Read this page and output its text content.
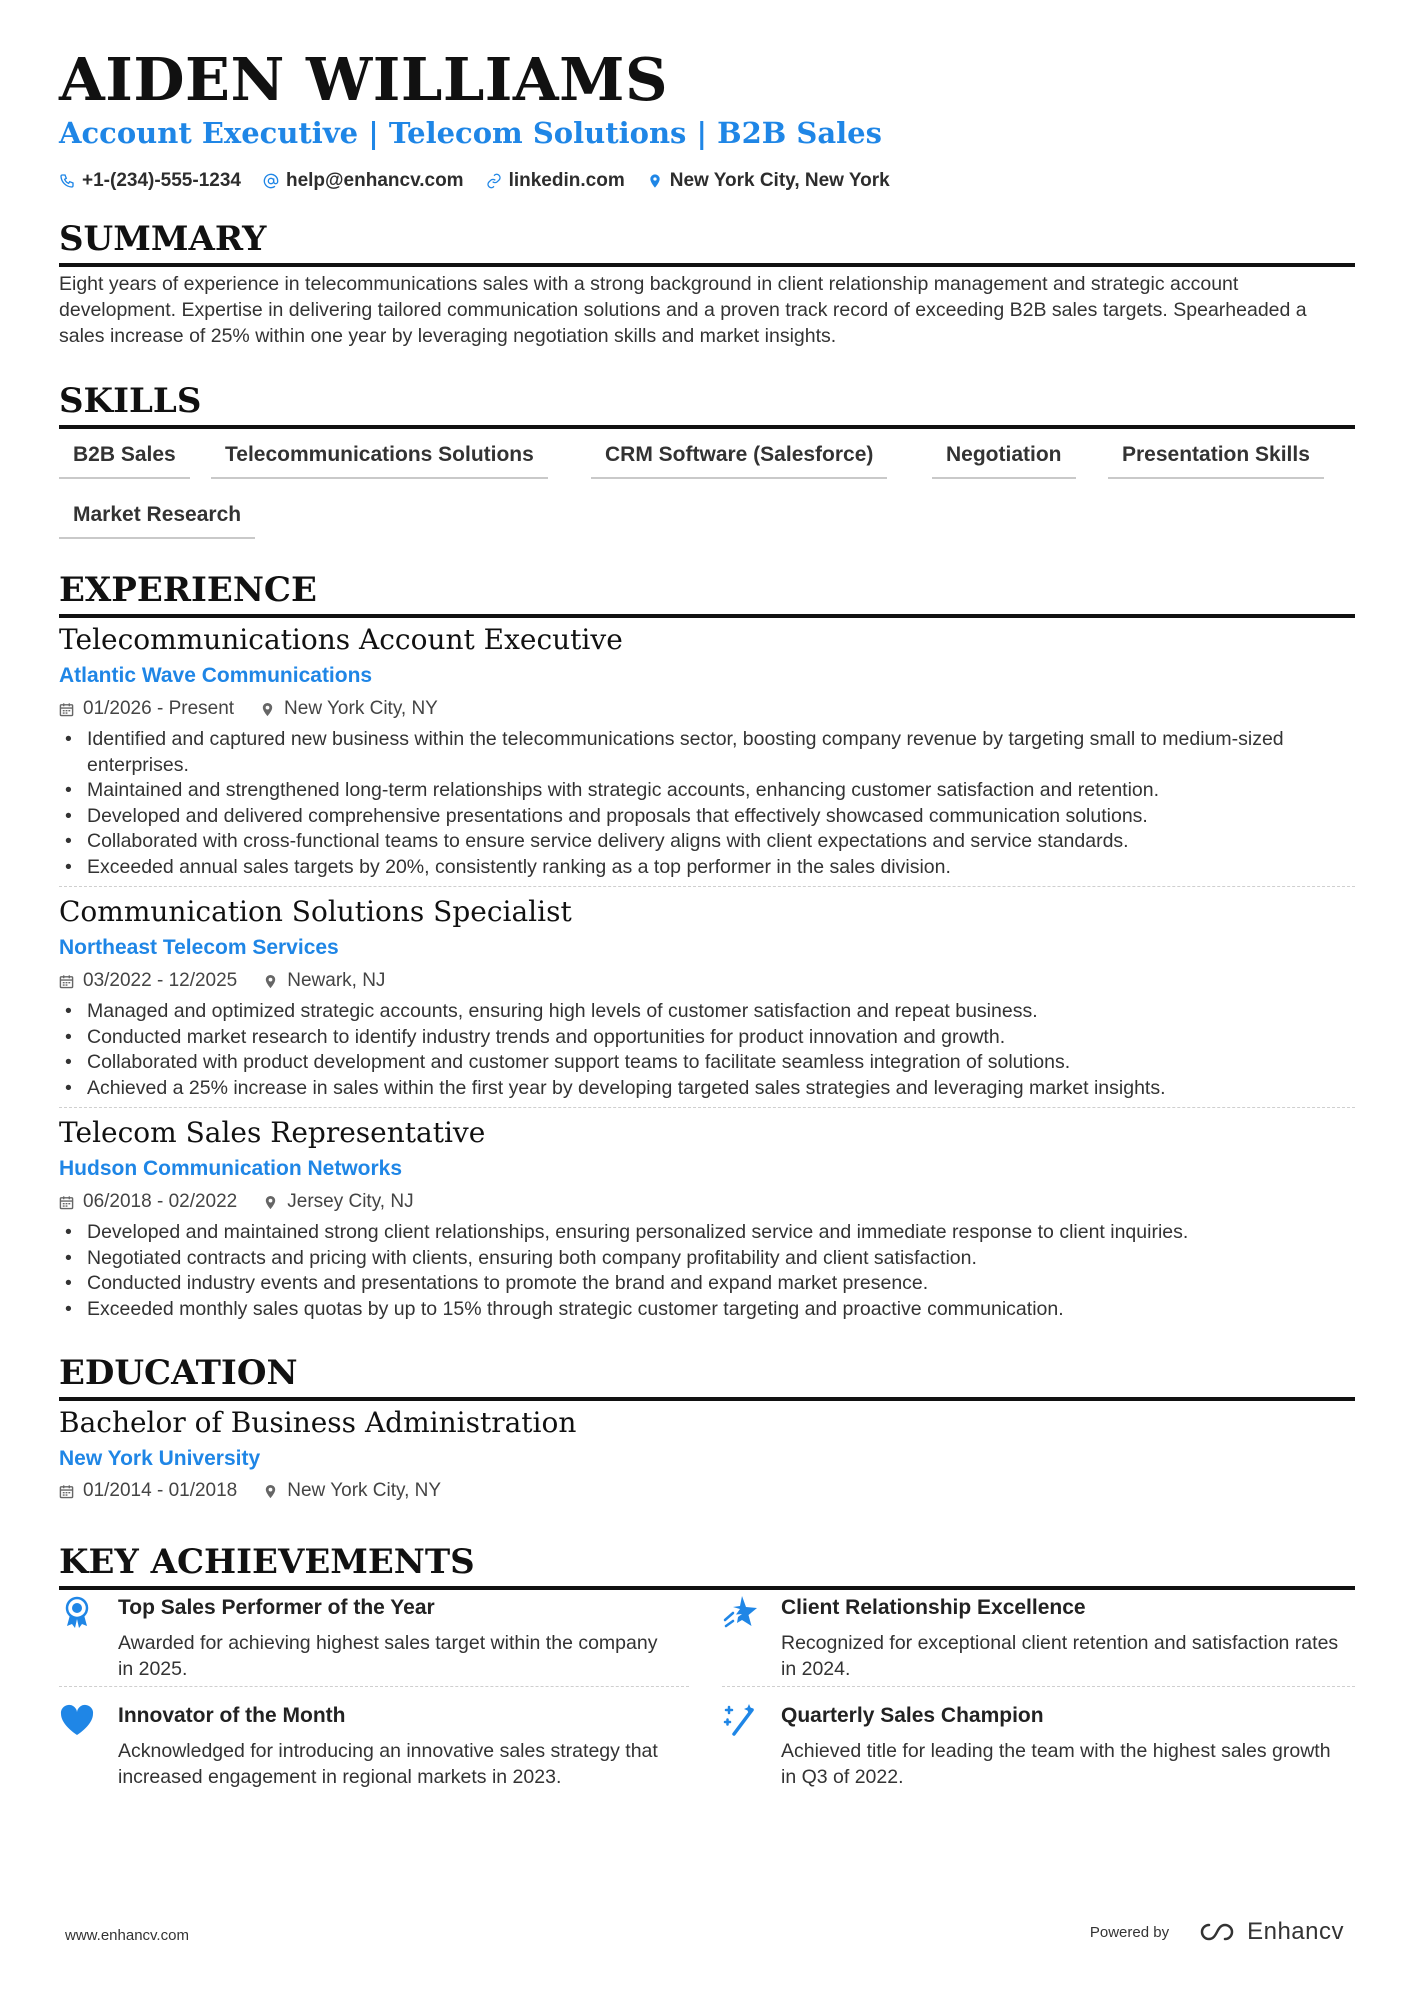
AIDEN WILLIAMS
Account Executive | Telecom Solutions | B2B Sales
+1-(234)-555-1234 help@enhancv.com linkedin.com New York City, New York
SUMMARY
Eight years of experience in telecommunications sales with a strong background in client relationship management and strategic account development. Expertise in delivering tailored communication solutions and a proven track record of exceeding B2B sales targets. Spearheaded a sales increase of 25% within one year by leveraging negotiation skills and market insights.
SKILLS
B2B Sales	Telecommunications Solutions	CRM Software (Salesforce)	Negotiation	Presentation Skills
Market Research
EXPERIENCE
Telecommunications Account Executive
Atlantic Wave Communications
01/2026 - Present	New York City, NY
• Identified and captured new business within the telecommunications sector, boosting company revenue by targeting small to medium-sized enterprises.
• Maintained and strengthened long-term relationships with strategic accounts, enhancing customer satisfaction and retention.
• Developed and delivered comprehensive presentations and proposals that effectively showcased communication solutions.
• Collaborated with cross-functional teams to ensure service delivery aligns with client expectations and service standards.
• Exceeded annual sales targets by 20%, consistently ranking as a top performer in the sales division.
Communication Solutions Specialist
Northeast Telecom Services
03/2022 - 12/2025	Newark, NJ
• Managed and optimized strategic accounts, ensuring high levels of customer satisfaction and repeat business.
• Conducted market research to identify industry trends and opportunities for product innovation and growth.
• Collaborated with product development and customer support teams to facilitate seamless integration of solutions.
• Achieved a 25% increase in sales within the first year by developing targeted sales strategies and leveraging market insights.
Telecom Sales Representative
Hudson Communication Networks
06/2018 - 02/2022	Jersey City, NJ
• Developed and maintained strong client relationships, ensuring personalized service and immediate response to client inquiries.
• Negotiated contracts and pricing with clients, ensuring both company profitability and client satisfaction.
• Conducted industry events and presentations to promote the brand and expand market presence.
• Exceeded monthly sales quotas by up to 15% through strategic customer targeting and proactive communication.
EDUCATION
Bachelor of Business Administration
New York University
01/2014 - 01/2018	New York City, NY
KEY ACHIEVEMENTS
Top Sales Performer of the Year
Awarded for achieving highest sales target within the company in 2025.
Client Relationship Excellence
Recognized for exceptional client retention and satisfaction rates in 2024.
Innovator of the Month
Acknowledged for introducing an innovative sales strategy that increased engagement in regional markets in 2023.
Quarterly Sales Champion
Achieved title for leading the team with the highest sales growth in Q3 of 2022.
www.enhancv.com	Powered by	Enhancv
